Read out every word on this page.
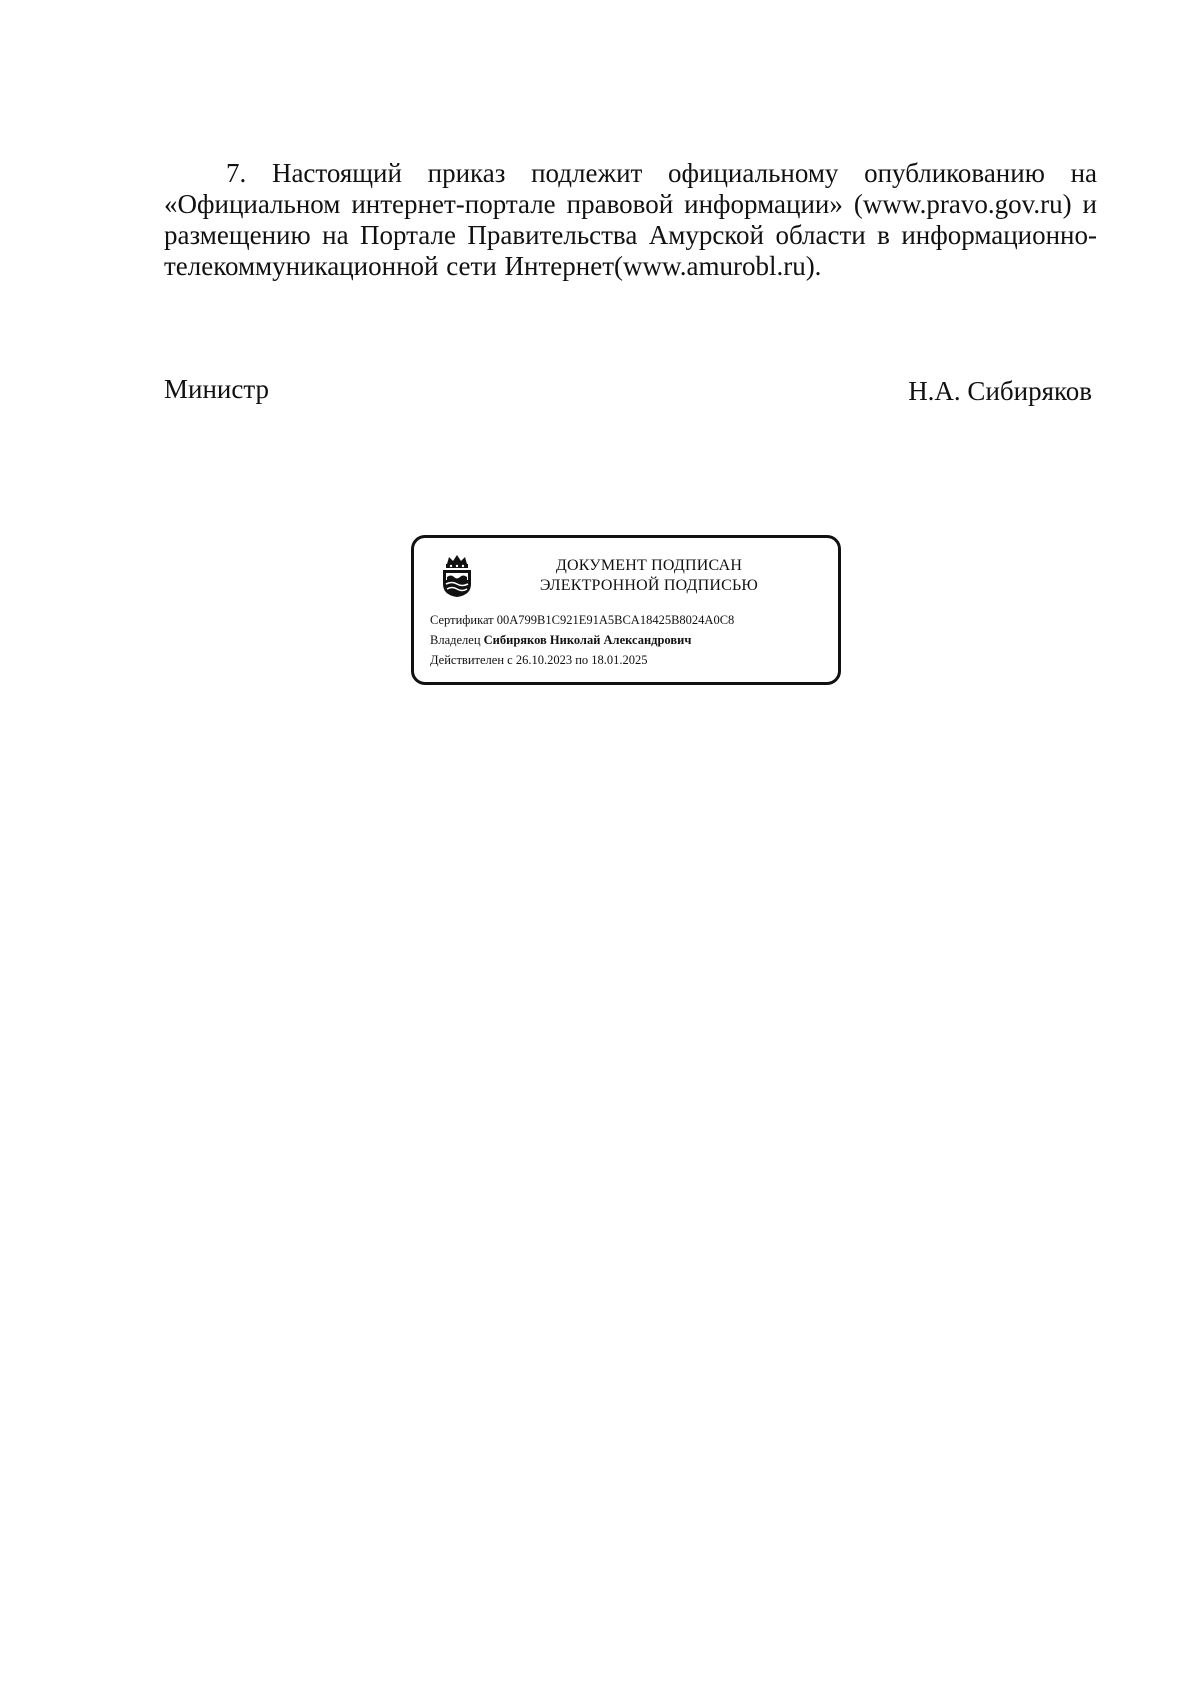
7. Настоящий приказ подлежит официальному опубликованию на «Официальном интернет-портале правовой информации» (www.pravo.gov.ru) и размещению на Портале Правительства Амурской области в информационно-телекоммуникационной сети Интернет(www.amurobl.ru).

Министр	Н.А. Сибиряков
ДОКУМЕНТ ПОДПИСАН
ЭЛЕКТРОННОЙ ПОДПИСЬЮ
Сертификат 00A799B1C921E91A5BCA18425B8024A0C8
Владелец Сибиряков Николай Александрович
Действителен с 26.10.2023 по 18.01.2025
